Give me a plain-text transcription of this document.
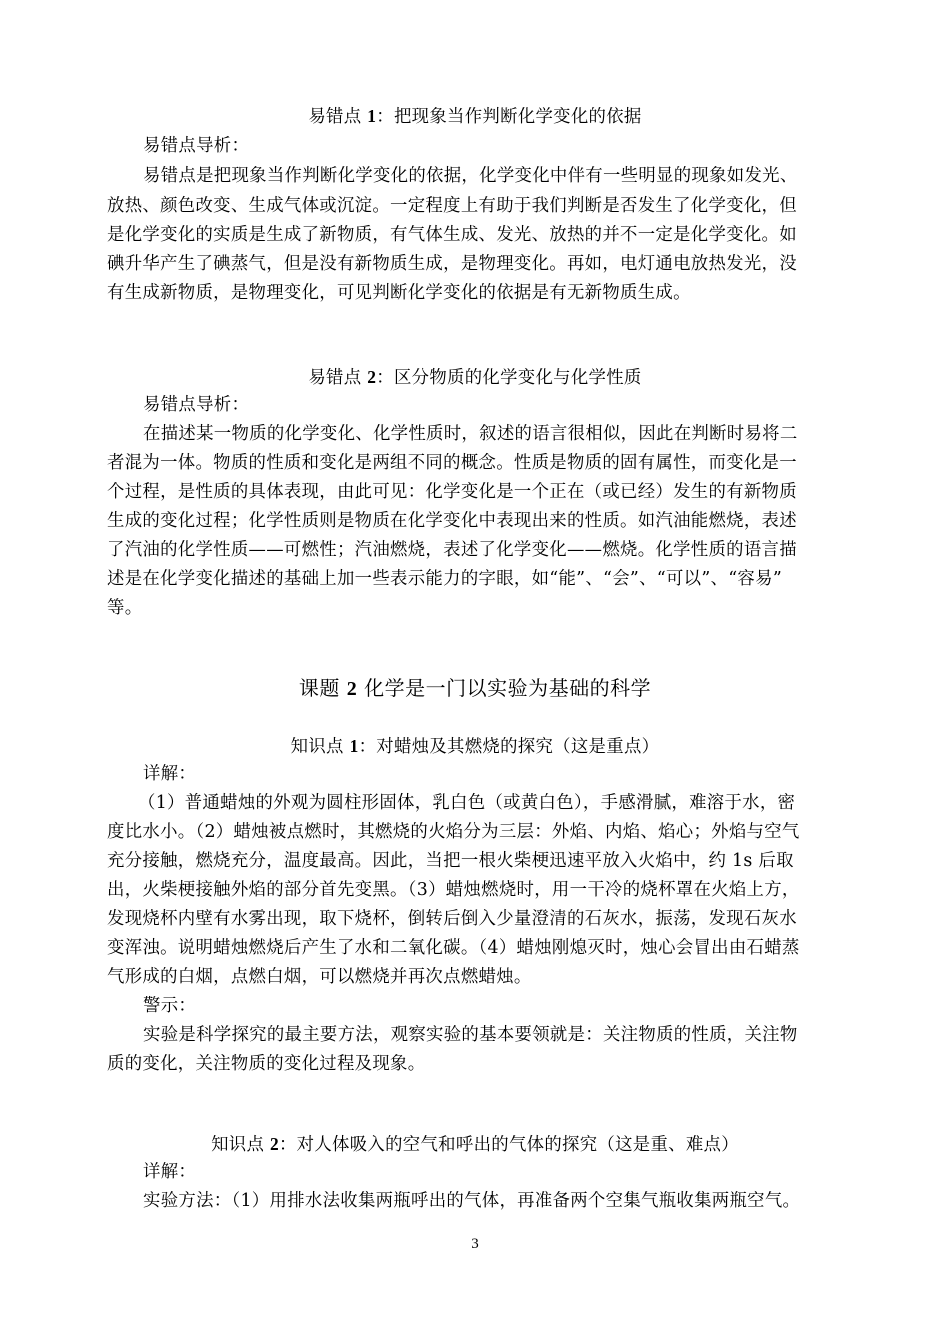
易错点 1：把现象当作判断化学变化的依据
易错点导析：
易错点是把现象当作判断化学变化的依据，化学变化中伴有一些明显的现象如发光、
放热、颜色改变、生成气体或沉淀。一定程度上有助于我们判断是否发生了化学变化，但
是化学变化的实质是生成了新物质，有气体生成、发光、放热的并不一定是化学变化。如
碘升华产生了碘蒸气，但是没有新物质生成，是物理变化。再如，电灯通电放热发光，没
有生成新物质，是物理变化，可见判断化学变化的依据是有无新物质生成。
易错点 2：区分物质的化学变化与化学性质
易错点导析：
在描述某一物质的化学变化、化学性质时，叙述的语言很相似，因此在判断时易将二
者混为一体。物质的性质和变化是两组不同的概念。性质是物质的固有属性，而变化是一
个过程，是性质的具体表现，由此可见：化学变化是一个正在（或已经）发生的有新物质
生成的变化过程；化学性质则是物质在化学变化中表现出来的性质。如汽油能燃烧，表述
了汽油的化学性质——可燃性；汽油燃烧，表述了化学变化——燃烧。化学性质的语言描
述是在化学变化描述的基础上加一些表示能力的字眼，如“能”、“会”、“可以”、“容易”
等。
课题 2 化学是一门以实验为基础的科学
知识点 1：对蜡烛及其燃烧的探究（这是重点）
详解：
（1）普通蜡烛的外观为圆柱形固体，乳白色（或黄白色），手感滑腻，难溶于水，密
度比水小。（2）蜡烛被点燃时，其燃烧的火焰分为三层：外焰、内焰、焰心；外焰与空气
充分接触，燃烧充分，温度最高。因此，当把一根火柴梗迅速平放入火焰中，约 1s 后取
出，火柴梗接触外焰的部分首先变黑。（3）蜡烛燃烧时，用一干冷的烧杯罩在火焰上方，
发现烧杯内壁有水雾出现，取下烧杯，倒转后倒入少量澄清的石灰水，振荡，发现石灰水
变浑浊。说明蜡烛燃烧后产生了水和二氧化碳。（4）蜡烛刚熄灭时，烛心会冒出由石蜡蒸
气形成的白烟，点燃白烟，可以燃烧并再次点燃蜡烛。
警示：
实验是科学探究的最主要方法，观察实验的基本要领就是：关注物质的性质，关注物
质的变化，关注物质的变化过程及现象。
知识点 2：对人体吸入的空气和呼出的气体的探究（这是重、难点）
详解：
实验方法：（1）用排水法收集两瓶呼出的气体，再准备两个空集气瓶收集两瓶空气。
3
